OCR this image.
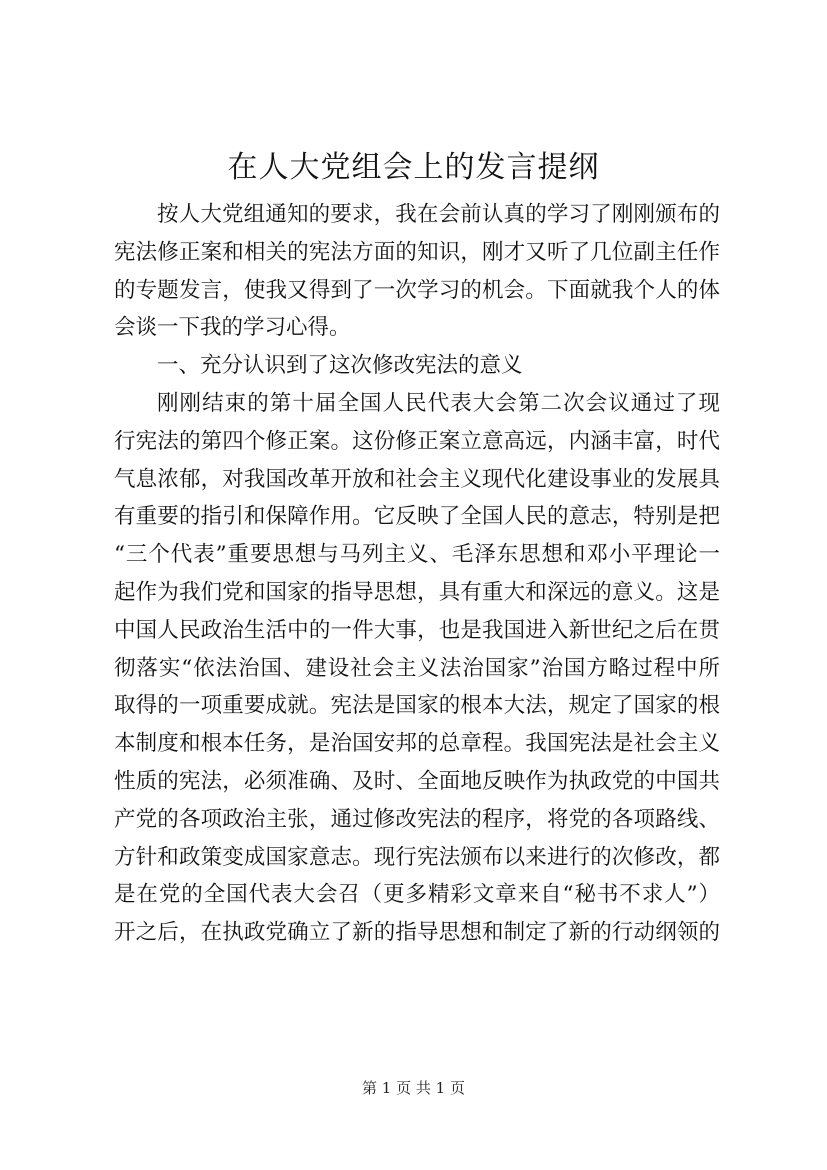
在人大党组会上的发言提纲
按人大党组通知的要求，我在会前认真的学习了刚刚颁布的
宪法修正案和相关的宪法方面的知识，刚才又听了几位副主任作
的专题发言，使我又得到了一次学习的机会。下面就我个人的体
会谈一下我的学习心得。
一、充分认识到了这次修改宪法的意义
刚刚结束的第十届全国人民代表大会第二次会议通过了现
行宪法的第四个修正案。这份修正案立意高远，内涵丰富，时代
气息浓郁，对我国改革开放和社会主义现代化建设事业的发展具
有重要的指引和保障作用。它反映了全国人民的意志，特别是把
“三个代表”重要思想与马列主义、毛泽东思想和邓小平理论一
起作为我们党和国家的指导思想，具有重大和深远的意义。这是
中国人民政治生活中的一件大事，也是我国进入新世纪之后在贯
彻落实“依法治国、建设社会主义法治国家”治国方略过程中所
取得的一项重要成就。宪法是国家的根本大法，规定了国家的根
本制度和根本任务，是治国安邦的总章程。我国宪法是社会主义
性质的宪法，必须准确、及时、全面地反映作为执政党的中国共
产党的各项政治主张，通过修改宪法的程序，将党的各项路线、
方针和政策变成国家意志。现行宪法颁布以来进行的次修改，都
是在党的全国代表大会召（更多精彩文章来自“秘书不求人”）
开之后，在执政党确立了新的指导思想和制定了新的行动纲领的
第 1 页 共 1 页
